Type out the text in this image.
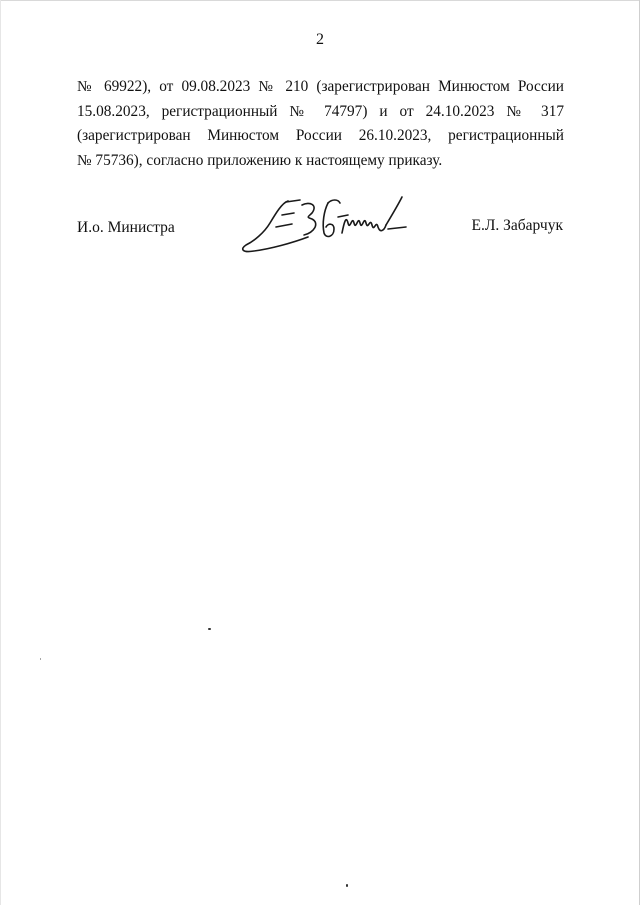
2

№ 69922), от 09.08.2023 № 210 (зарегистрирован Минюстом России
15.08.2023, регистрационный № 74797) и от 24.10.2023 № 317
(зарегистрирован Минюстом России 26.10.2023, регистрационный
№ 75736), согласно приложению к настоящему приказу.

И.о. Министра	Е.Л. Забарчук
